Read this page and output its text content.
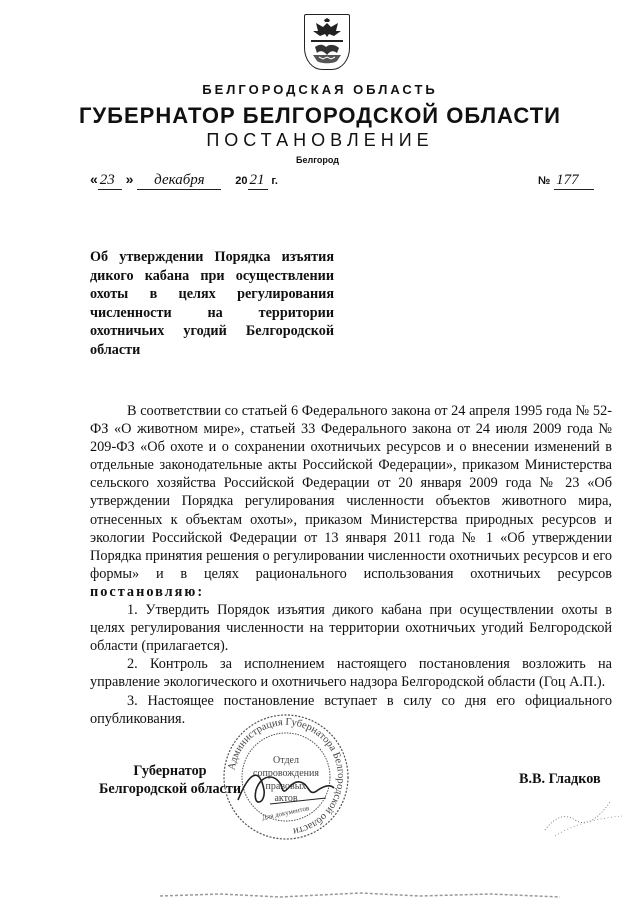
БЕЛГОРОДСКАЯ ОБЛАСТЬ
ГУБЕРНАТОР БЕЛГОРОДСКОЙ ОБЛАСТИ
ПОСТАНОВЛЕНИЕ
Белгород
« 23 » декабря	20 21 г.	№ 177
Об утверждении Порядка изъятия дикого кабана при осуществлении охоты в целях регулирования численности на территории охотничьих угодий Белгородской области

В соответствии со статьей 6 Федерального закона от 24 апреля 1995 года № 52-ФЗ «О животном мире», статьей 33 Федерального закона от 24 июля 2009 года № 209-ФЗ «Об охоте и о сохранении охотничьих ресурсов и о внесении изменений в отдельные законодательные акты Российской Федерации», приказом Министерства сельского хозяйства Российской Федерации от 20 января 2009 года № 23 «Об утверждении Порядка регулирования численности объектов животного мира, отнесенных к объектам охоты», приказом Министерства природных ресурсов и экологии Российской Федерации от 13 января 2011 года № 1 «Об утверждении Порядка принятия решения о регулировании численности охотничьих ресурсов и его формы» и в целях рационального использования охотничьих ресурсов постановляю:

1. Утвердить Порядок изъятия дикого кабана при осуществлении охоты в целях регулирования численности на территории охотничьих угодий Белгородской области (прилагается).

2. Контроль за исполнением настоящего постановления возложить на управление экологического и охотничьего надзора Белгородской области (Гоц А.П.).

3. Настоящее постановление вступает в силу со дня его официального опубликования.

Губернатор
Белгородской области
В.В. Гладков
Администрация Губернатора Белгородской области
Отдел
сопровождения
правовых
актов
Для документов
